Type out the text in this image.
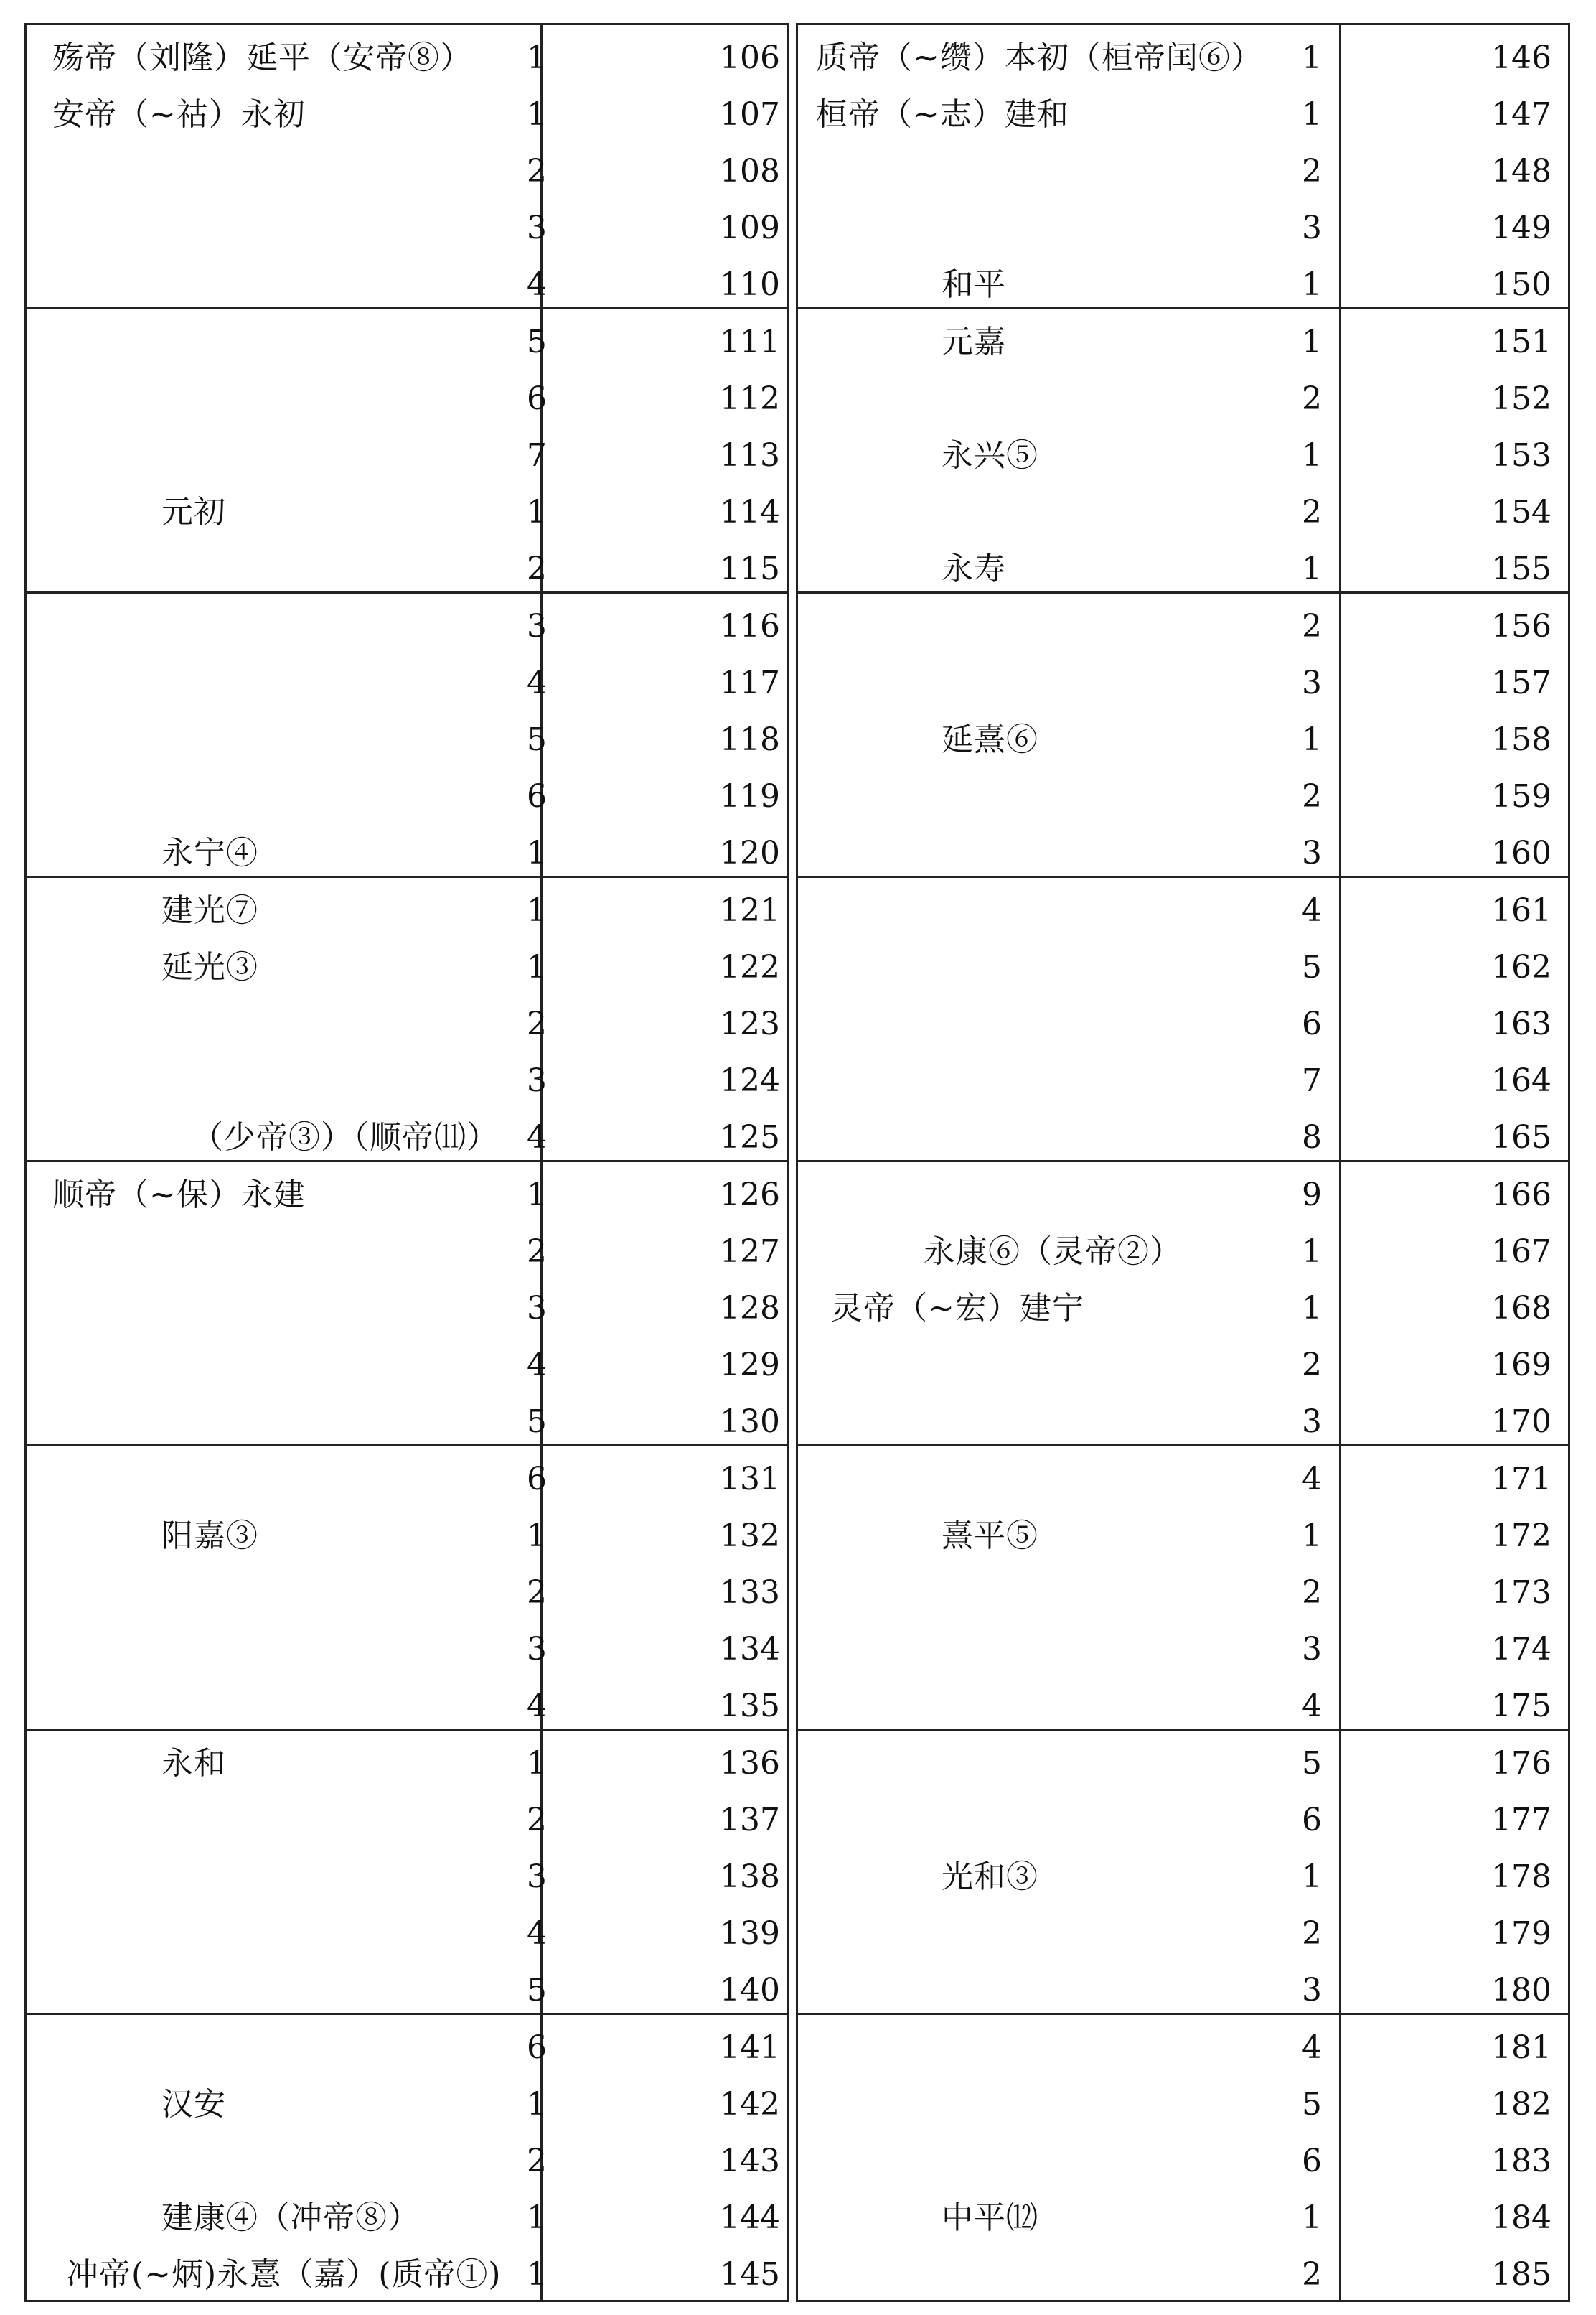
殇帝（刘隆）延平（安帝⑧）	1	106
安帝（~祜）永初	1	107
2	108
3	109
4	110
5	111
6	112
7	113
元初	1	114
2	115
3	116
4	117
5	118
6	119
永宁④	1	120
建光⑦	1	121
延光③	1	122
2	123
3	124
（少帝③）（顺帝⑾） 4	125
顺帝（~保）永建	1	126
2	127
3	128
4	129
5	130
6	131
阳嘉③	1	132
2	133
3	134
4	135
永和	1	136
2	137
3	138
4	139
5	140
6	141
汉安	1	142
2	143
建康④（冲帝⑧）	1	144
冲帝(~炳)永憙（嘉）(质帝①) 1	145
质帝（~缵）本初（桓帝闰⑥）	1	146
桓帝（~志）建和	1	147
2	148
3	149
和平	1	150
元嘉	1	151
2	152
永兴⑤	1	153
2	154
永寿	1	155
2	156
3	157
延熹⑥	1	158
2	159
3	160
4	161
5	162
6	163
7	164
8	165
9	166
永康⑥（灵帝②）	1	167
灵帝（~宏）建宁	1	168
2	169
3	170
4	171
熹平⑤	1	172
2	173
3	174
4	175
5	176
6	177
光和③	1	178
2	179
3	180
4	181
5	182
6	183
中平⑿	1	184
2	185
